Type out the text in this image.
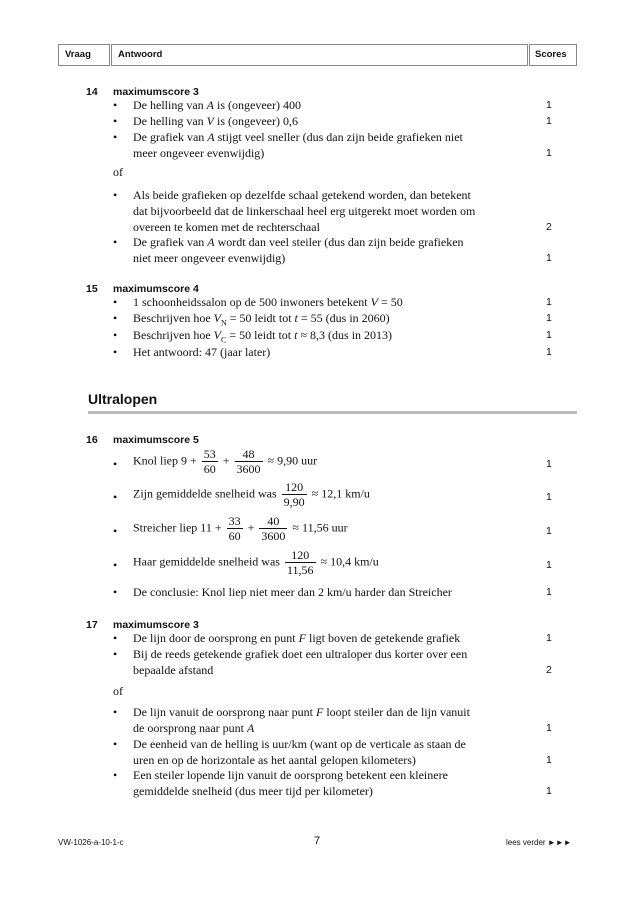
Vraag	Antwoord	Scores
14 maximumscore 3
• De helling van A is (ongeveer) 400	1
• De helling van V is (ongeveer) 0,6	1
• De grafiek van A stijgt veel sneller (dus dan zijn beide grafieken niet
meer ongeveer evenwijdig)	1
of
• Als beide grafieken op dezelfde schaal getekend worden, dan betekent
dat bijvoorbeeld dat de linkerschaal heel erg uitgerekt moet worden om
overeen te komen met de rechterschaal	2
• De grafiek van A wordt dan veel steiler (dus dan zijn beide grafieken
niet meer ongeveer evenwijdig)	1
15 maximumscore 4
• 1 schoonheidssalon op de 500 inwoners betekent V = 50	1
• Beschrijven hoe $V_N = 50$ leidt tot t = 55 (dus in 2060)	1
• Beschrijven hoe $V_C = 50$ leidt tot t ≈ 8,3 (dus in 2013)	1
• Het antwoord: 47 (jaar later)	1
Ultralopen
16 maximumscore 5
• Knol liep $9 + \frac{53}{60} + \frac{48}{3600} \approx 9,90$ uur	1
• Zijn gemiddelde snelheid was $\frac{120}{9,90} \approx 12,1$ km/u	1
• Streicher liep $11 + \frac{33}{60} + \frac{40}{3600} \approx 11,56$ uur	1
• Haar gemiddelde snelheid was $\frac{120}{11,56} \approx 10,4$ km/u	1
• De conclusie: Knol liep niet meer dan 2 km/u harder dan Streicher	1
17 maximumscore 3
• De lijn door de oorsprong en punt F ligt boven de getekende grafiek	1
• Bij de reeds getekende grafiek doet een ultraloper dus korter over een
bepaalde afstand	2
of
• De lijn vanuit de oorsprong naar punt F loopt steiler dan de lijn vanuit
de oorsprong naar punt A	1
• De eenheid van de helling is uur/km (want op de verticale as staan de
uren en op de horizontale as het aantal gelopen kilometers)	1
• Een steiler lopende lijn vanuit de oorsprong betekent een kleinere
gemiddelde snelheid (dus meer tijd per kilometer)	1
VW-1026-a-10-1-c	7	lees verder ►►►
